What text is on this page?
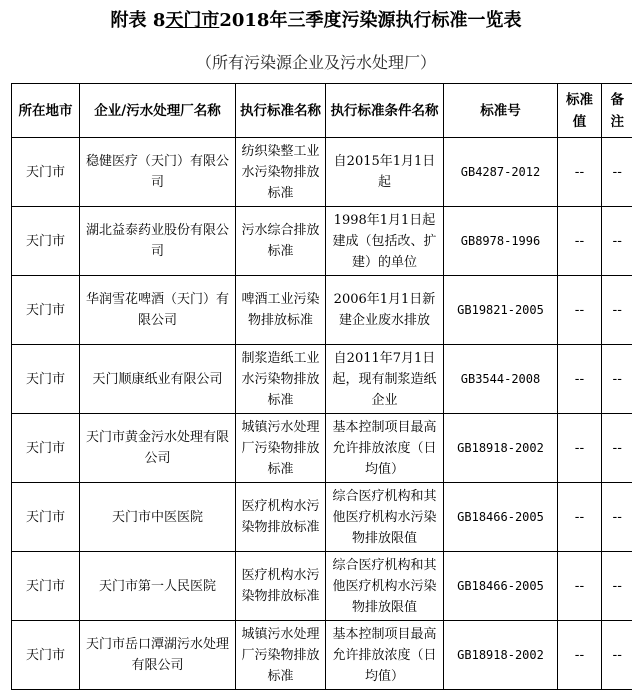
附表 8天门市2018年三季度污染源执行标准一览表
（所有污染源企业及污水处理厂）
所在地市	企业/污水处理厂名称	执行标准名称	执行标准条件名称	标准号	标准值	备注
天门市	稳健医疗（天门）有限公司	纺织染整工业水污染物排放标准	自2015年1月1日起	GB4287-2012	--	--
天门市	湖北益泰药业股份有限公司	污水综合排放标准	1998年1月1日起建成（包括改、扩建）的单位	GB8978-1996	--	--
天门市	华润雪花啤酒（天门）有限公司	啤酒工业污染物排放标准	2006年1月1日新建企业废水排放	GB19821-2005	--	--
天门市	天门顺康纸业有限公司	制浆造纸工业水污染物排放标准	自2011年7月1日起，现有制浆造纸企业	GB3544-2008	--	--
天门市	天门市黄金污水处理有限公司	城镇污水处理厂污染物排放标准	基本控制项目最高允许排放浓度（日均值）	GB18918-2002	--	--
天门市	天门市中医医院	医疗机构水污染物排放标准	综合医疗机构和其他医疗机构水污染物排放限值	GB18466-2005	--	--
天门市	天门市第一人民医院	医疗机构水污染物排放标准	综合医疗机构和其他医疗机构水污染物排放限值	GB18466-2005	--	--
天门市	天门市岳口潭湖污水处理有限公司	城镇污水处理厂污染物排放标准	基本控制项目最高允许排放浓度（日均值）	GB18918-2002	--	--
